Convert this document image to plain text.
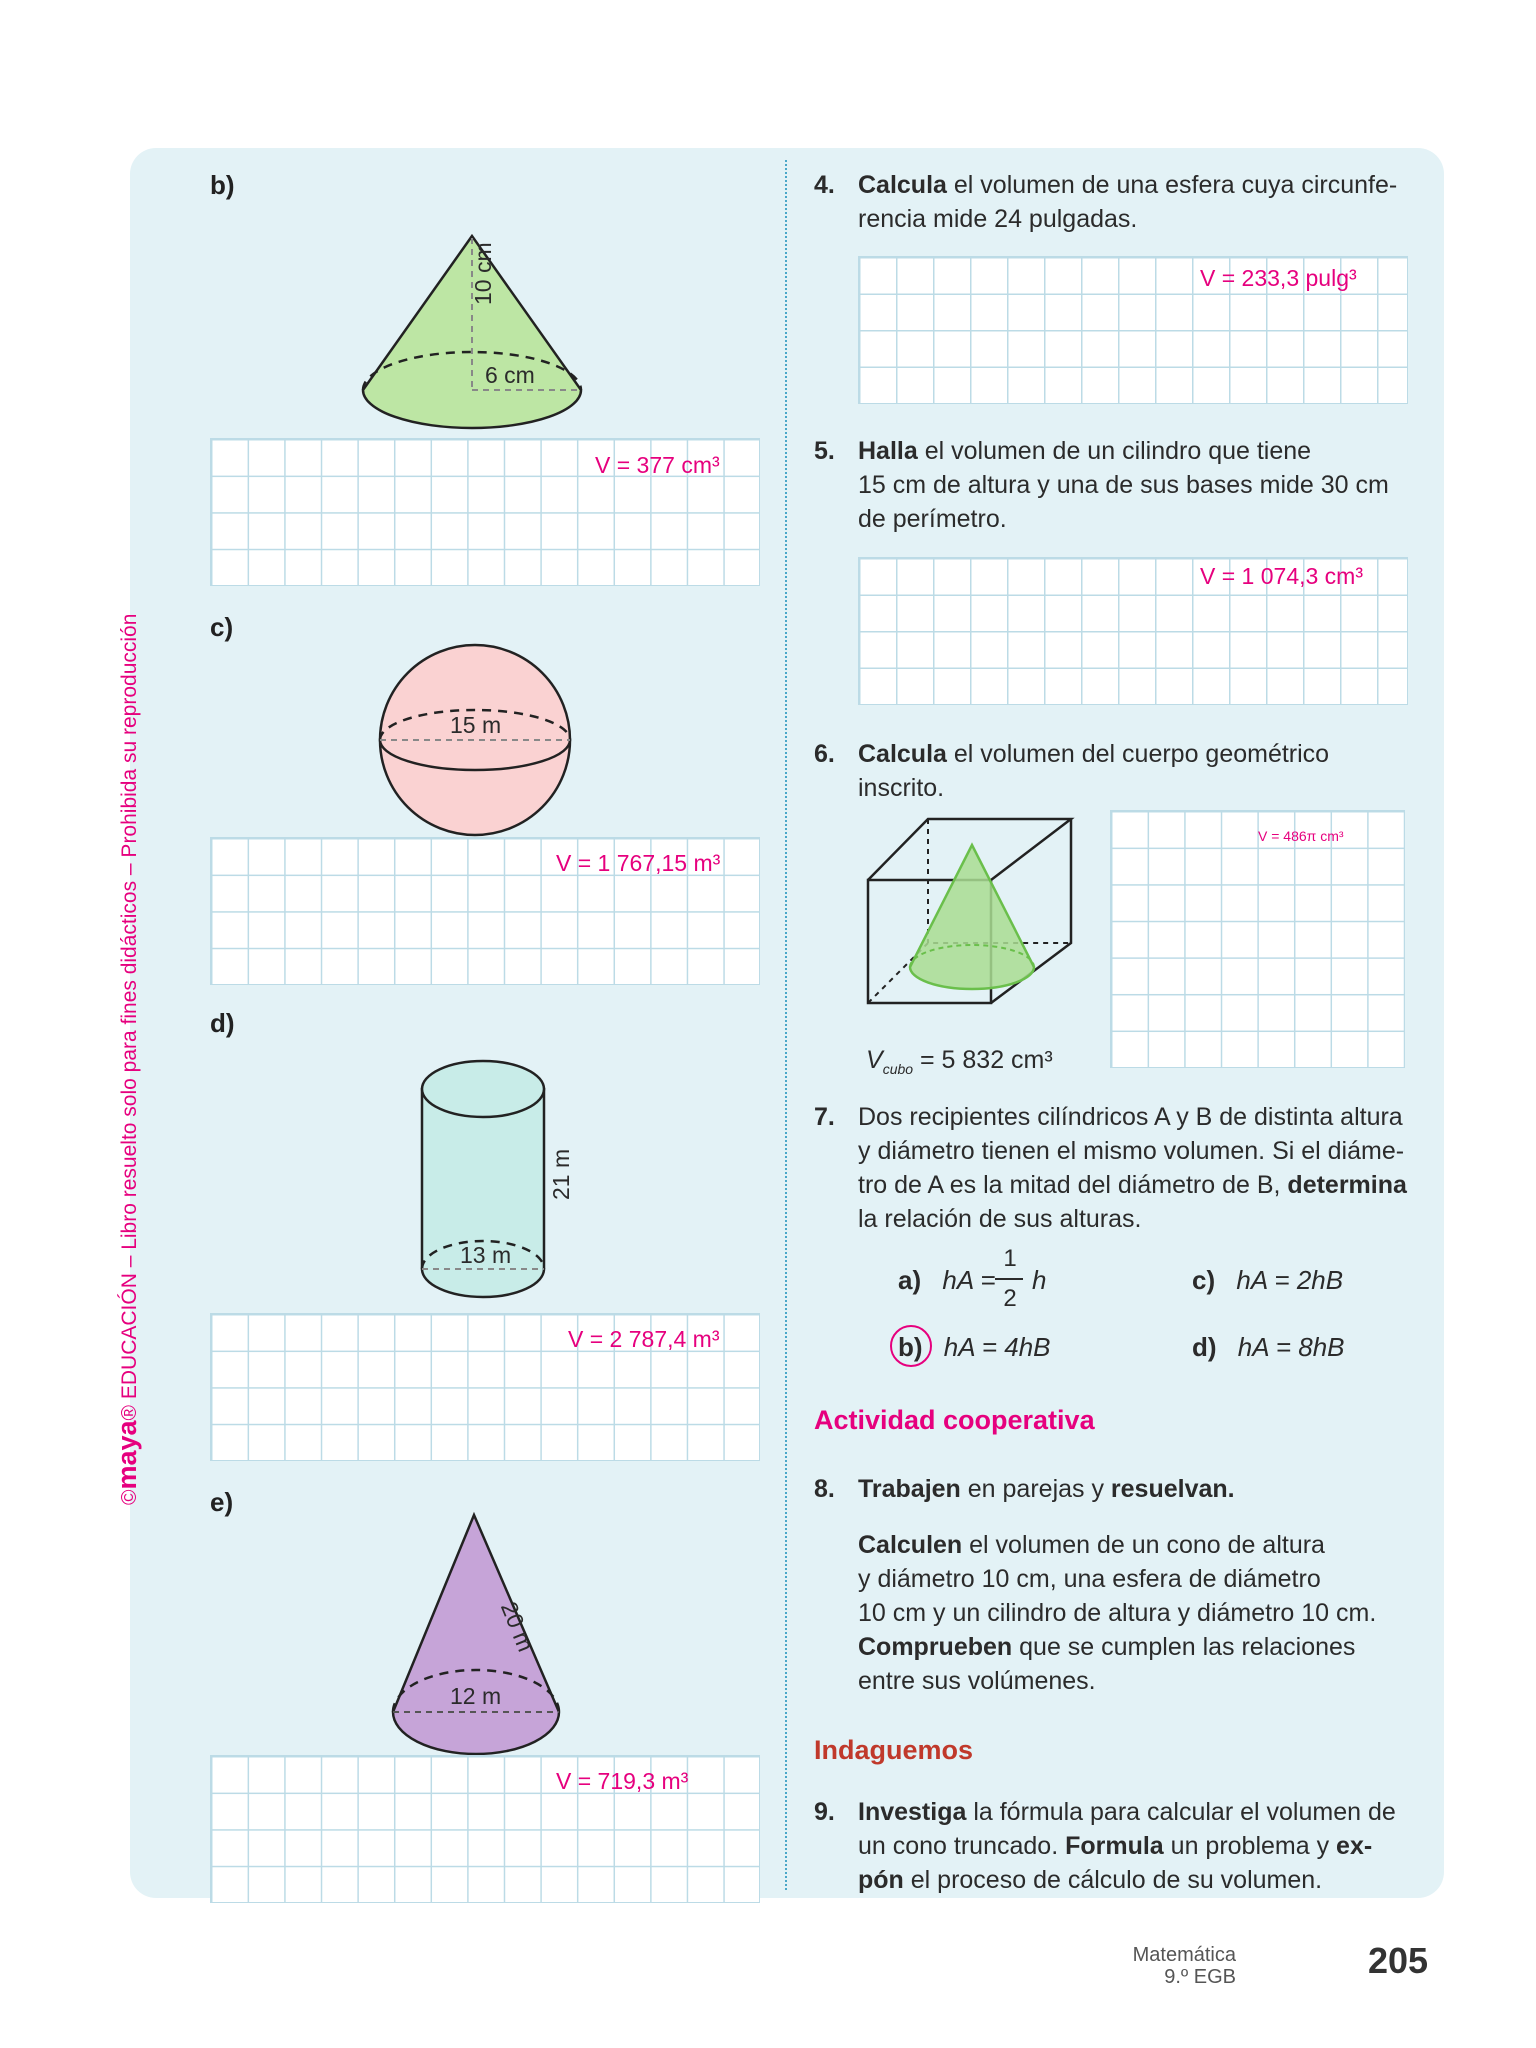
©maya® EDUCACIÓN – Libro resuelto solo para fines didácticos – Prohibida su reproducción
b)
10 cm
6 cm
V = 377 cm³
c)
15 m
V = 1 767,15 m³
d)
21 m
13 m
V = 2 787,4 m³
e)
20 m
12 m
V = 719,3 m³
4. Calcula el volumen de una esfera cuya circunfe-
rencia mide 24 pulgadas.
V = 233,3 pulg³
5. Halla el volumen de un cilindro que tiene
15 cm de altura y una de sus bases mide 30 cm
de perímetro.
V = 1 074,3 cm³
6. Calcula el volumen del cuerpo geométrico inscrito.
$V_{cubo} = 5$ 832 cm³
V = 486π cm³
7. Dos recipientes cilíndricos A y B de distinta altura
y diámetro tienen el mismo volumen. Si el diáme-
tro de A es la mitad del diámetro de B, determina
la relación de sus alturas.
a) hA =
1
2
h	c) hA = 2hB
b) hA = 4hB	d) hA = 8hB
Actividad cooperativa
8. Trabajen en parejas y resuelvan.
Calculen el volumen de un cono de altura
y diámetro 10 cm, una esfera de diámetro
10 cm y un cilindro de altura y diámetro 10 cm.
Comprueben que se cumplen las relaciones
entre sus volúmenes.
Indaguemos
9. Investiga la fórmula para calcular el volumen de
un cono truncado. Formula un problema y ex-
pón el proceso de cálculo de su volumen.
Matemática
9.º EGB	205
